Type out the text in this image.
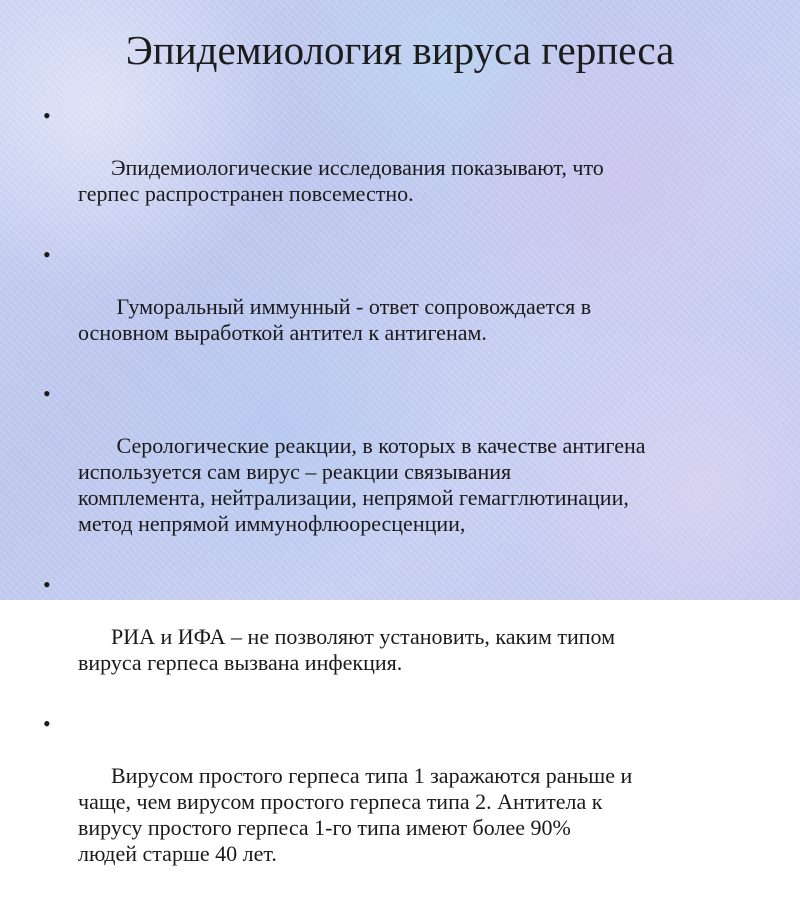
Эпидемиология вируса герпеса

•

Эпидемиологические исследования показывают, что
герпес распространен повсеместно.

•

Гуморальный иммунный - ответ сопровождается в
основном выработкой антител к антигенам.

•

Серологические реакции, в которых в качестве антигена
используется сам вирус – реакции связывания
комплемента, нейтрализации, непрямой гемагглютинации,
метод непрямой иммунофлюоресценции,

•

РИА и ИФА – не позволяют установить, каким типом
вируса герпеса вызвана инфекция.

•

Вирусом простого герпеса типа 1 заражаются раньше и
чаще, чем вирусом простого герпеса типа 2. Антитела к
вирусу простого герпеса 1-го типа имеют более 90%
людей старше 40 лет.
